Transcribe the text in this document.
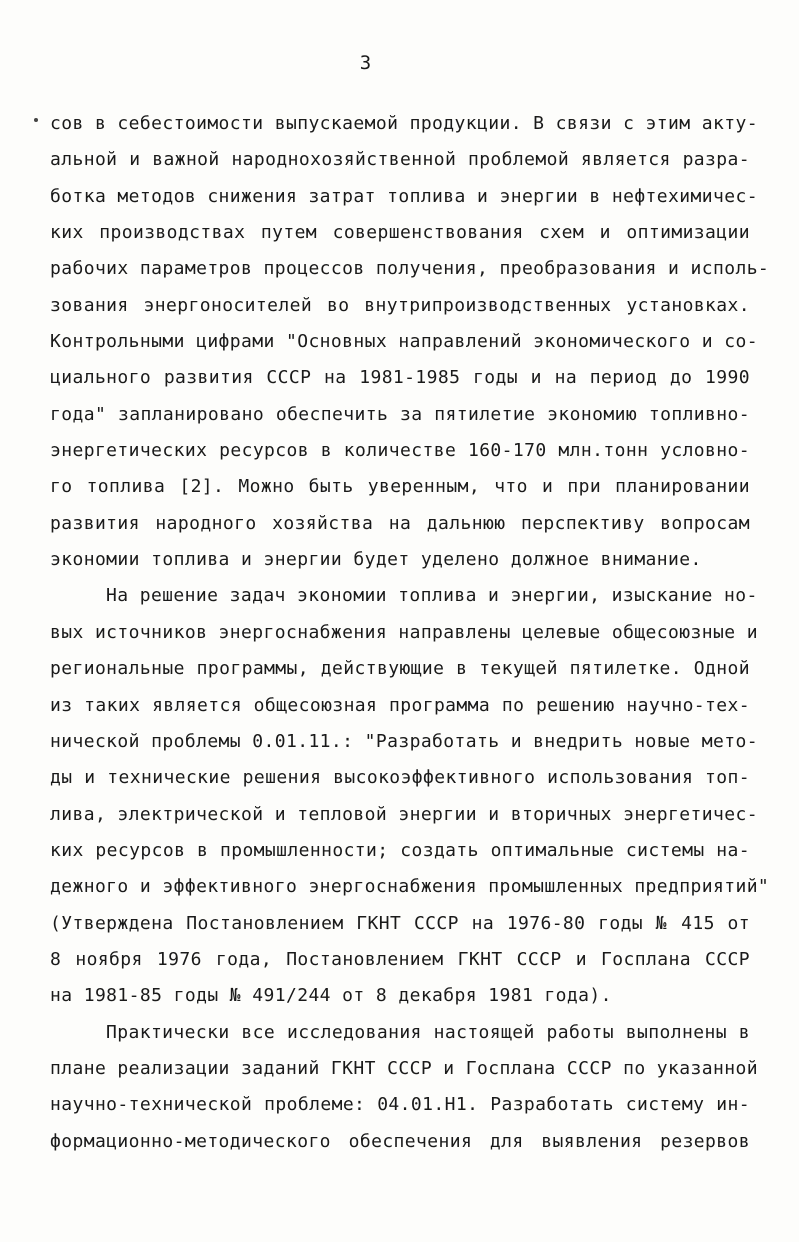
3
сов в себестоимости выпускаемой продукции. В связи с этим акту-
альной и важной народнохозяйственной проблемой является разра-
ботка методов снижения затрат топлива и энергии в нефтехимичес-
ких производствах путем совершенствования схем и оптимизации
рабочих параметров процессов получения, преобразования и исполь-
зования энергоносителей во внутрипроизводственных установках.
Контрольными цифрами "Основных направлений экономического и со-
циального развития СССР на 1981-1985 годы и на период до 1990
года" запланировано обеспечить за пятилетие экономию топливно-
энергетических ресурсов в количестве 160-170 млн.тонн условно-
го топлива [2]. Можно быть уверенным, что и при планировании
развития народного хозяйства на дальнюю перспективу вопросам
экономии топлива и энергии будет уделено должное внимание.
На решение задач экономии топлива и энергии, изыскание но-
вых источников энергоснабжения направлены целевые общесоюзные и
региональные программы, действующие в текущей пятилетке. Одной
из таких является общесоюзная программа по решению научно-тех-
нической проблемы 0.01.11.: "Разработать и внедрить новые мето-
ды и технические решения высокоэффективного использования топ-
лива, электрической и тепловой энергии и вторичных энергетичес-
ких ресурсов в промышленности; создать оптимальные системы на-
дежного и эффективного энергоснабжения промышленных предприятий"
(Утверждена Постановлением ГКНТ СССР на 1976-80 годы № 415 от
8 ноября 1976 года, Постановлением ГКНТ СССР и Госплана СССР
на 1981-85 годы № 491/244 от 8 декабря 1981 года).
Практически все исследования настоящей работы выполнены в
плане реализации заданий ГКНТ СССР и Госплана СССР по указанной
научно-технической проблеме: 04.01.Н1. Разработать систему ин-
формационно-методического обеспечения для выявления резервов
